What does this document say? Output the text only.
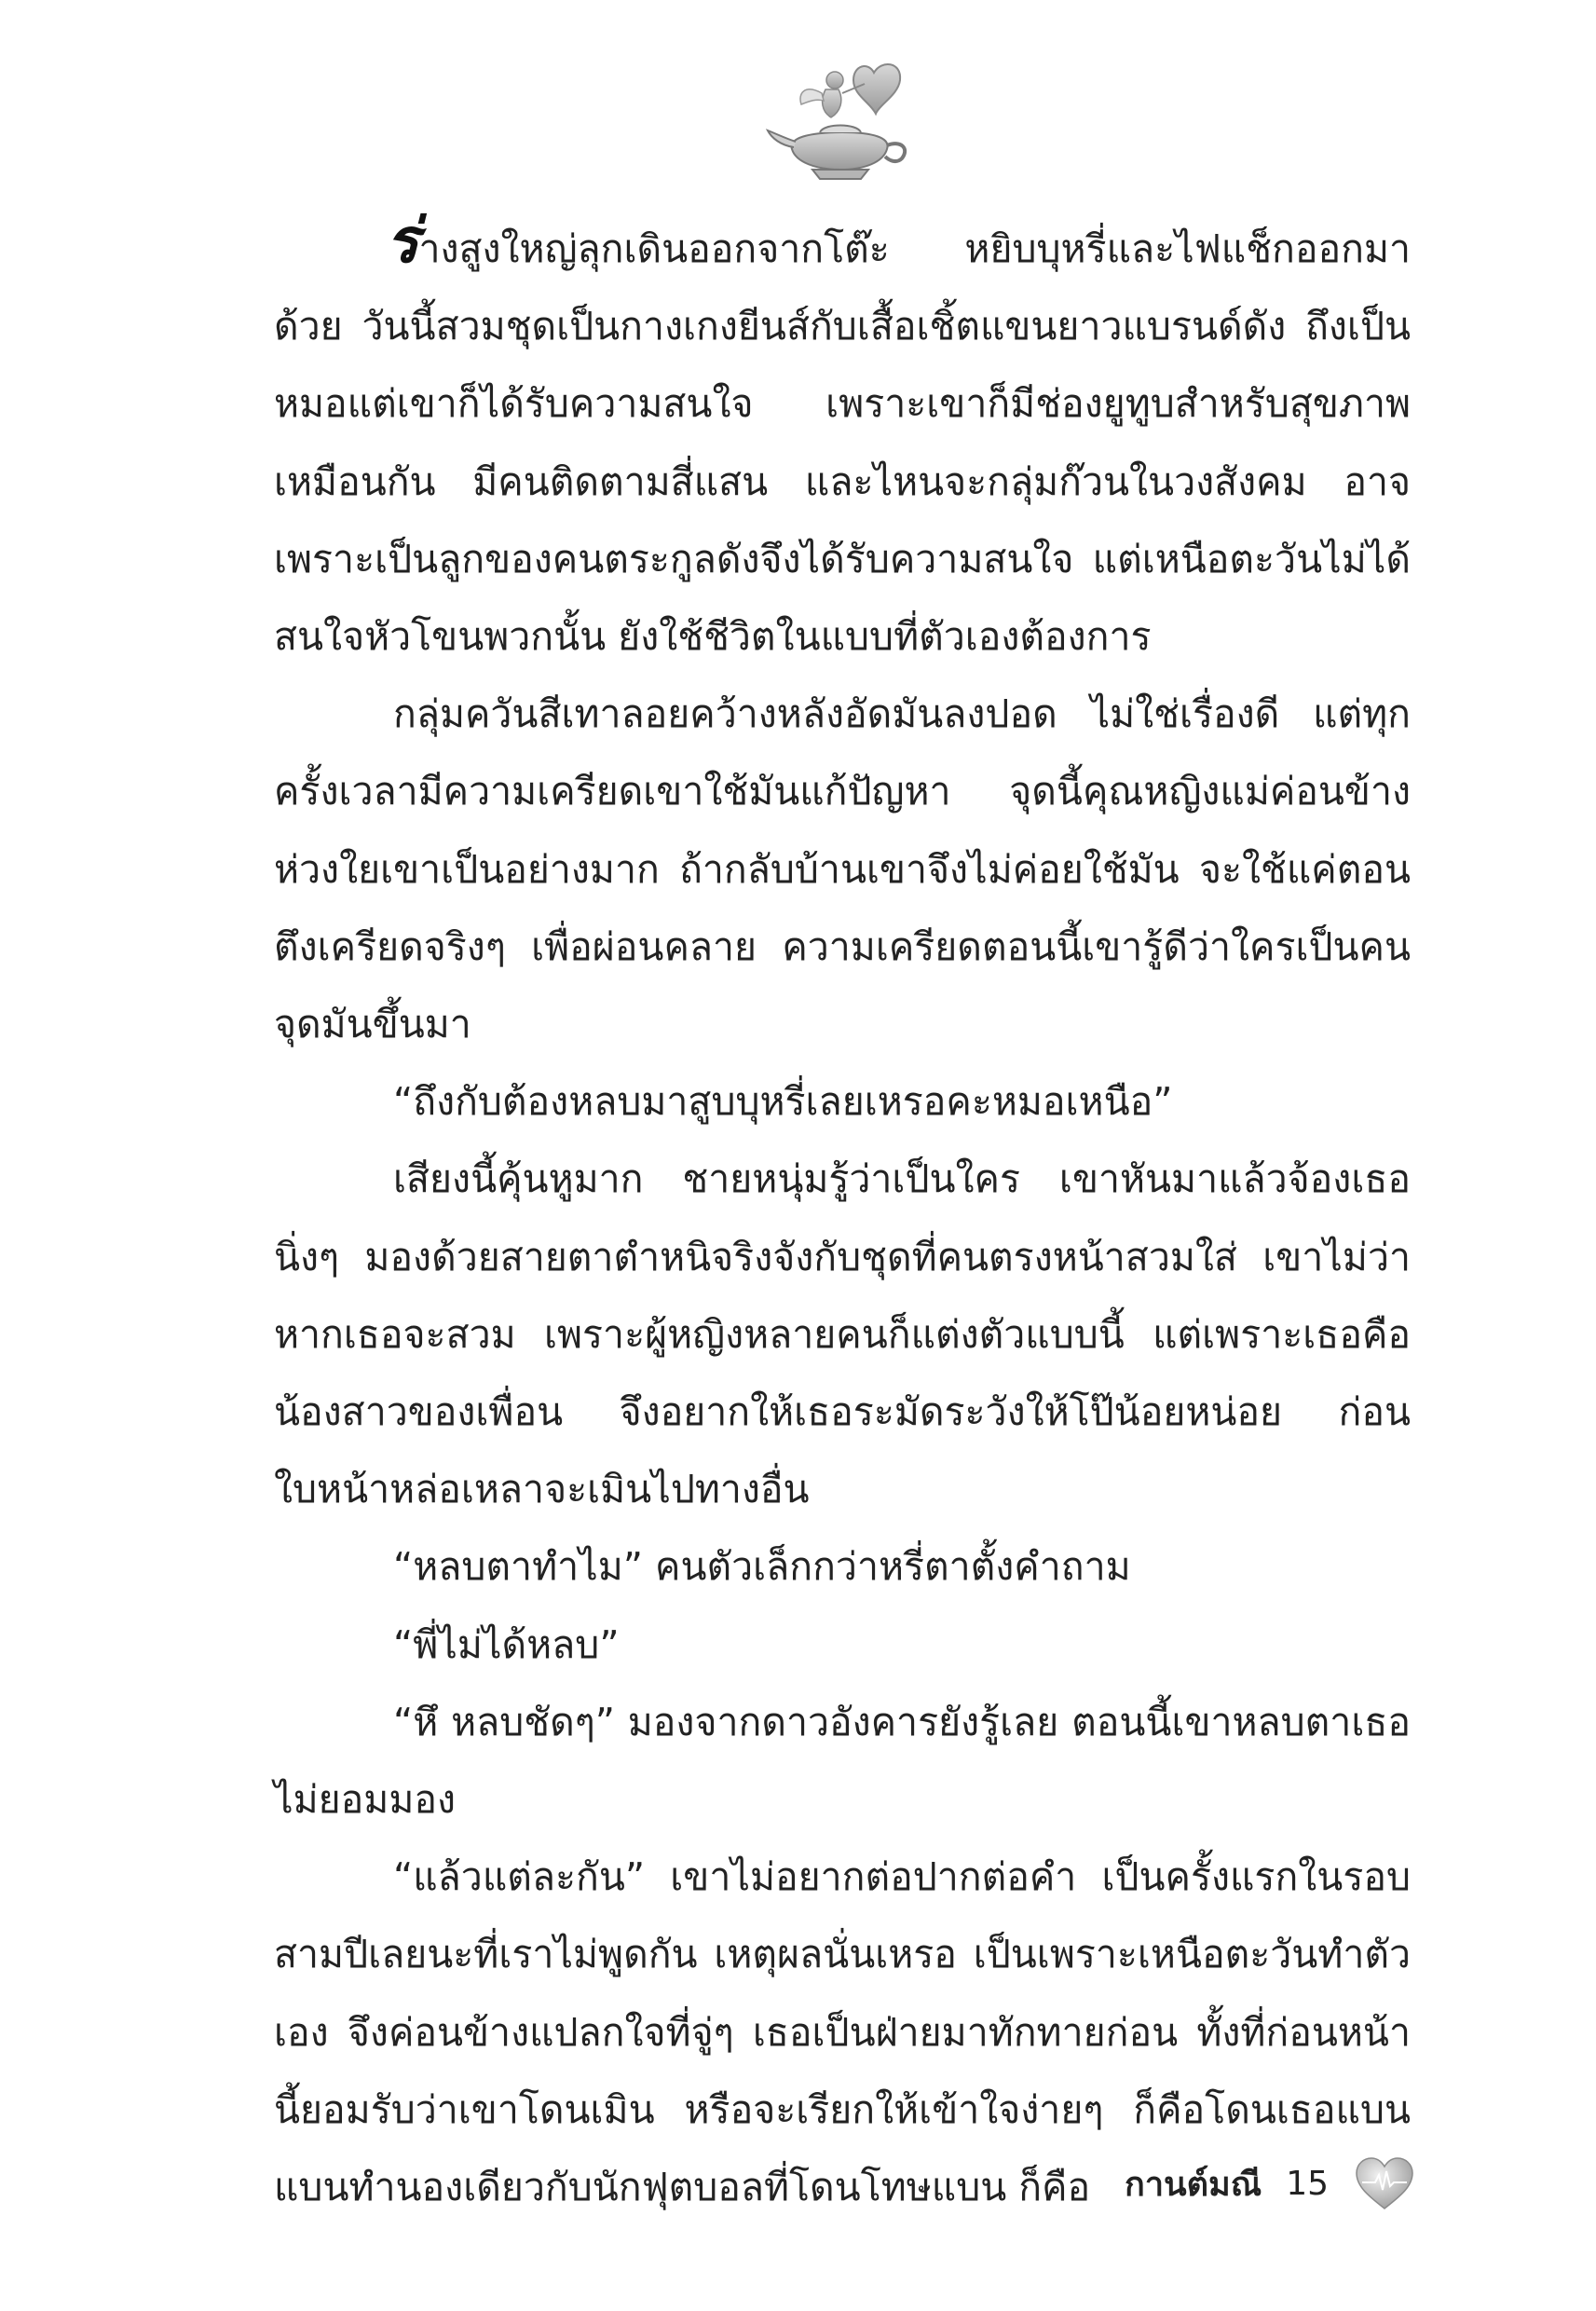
ร่างสูงใหญ่ลุกเดินออกจากโต๊ะ หยิบบุหรี่และไฟแช็กออกมาด้วย วันนี้สวมชุดเป็นกางเกงยีนส์กับเสื้อเชิ้ตแขนยาวแบรนด์ดัง ถึงเป็นหมอแต่เขาก็ได้รับความสนใจ เพราะเขาก็มีช่องยูทูบสำหรับสุขภาพเหมือนกัน มีคนติดตามสี่แสน และไหนจะกลุ่มก๊วนในวงสังคม อาจเพราะเป็นลูกของคนตระกูลดังจึงได้รับความสนใจ แต่เหนือตะวันไม่ได้สนใจหัวโขนพวกนั้น ยังใช้ชีวิตในแบบที่ตัวเองต้องการ

กลุ่มควันสีเทาลอยคว้างหลังอัดมันลงปอด ไม่ใช่เรื่องดี แต่ทุกครั้งเวลามีความเครียดเขาใช้มันแก้ปัญหา จุดนี้คุณหญิงแม่ค่อนข้างห่วงใยเขาเป็นอย่างมาก ถ้ากลับบ้านเขาจึงไม่ค่อยใช้มัน จะใช้แค่ตอนตึงเครียดจริงๆ เพื่อผ่อนคลาย ความเครียดตอนนี้เขารู้ดีว่าใครเป็นคนจุดมันขึ้นมา

“ถึงกับต้องหลบมาสูบบุหรี่เลยเหรอคะหมอเหนือ”

เสียงนี้คุ้นหูมาก ชายหนุ่มรู้ว่าเป็นใคร เขาหันมาแล้วจ้องเธอนิ่งๆ มองด้วยสายตาตำหนิจริงจังกับชุดที่คนตรงหน้าสวมใส่ เขาไม่ว่าหากเธอจะสวม เพราะผู้หญิงหลายคนก็แต่งตัวแบบนี้ แต่เพราะเธอคือน้องสาวของเพื่อน จึงอยากให้เธอระมัดระวังให้โป๊น้อยหน่อย ก่อนใบหน้าหล่อเหลาจะเมินไปทางอื่น

“หลบตาทำไม” คนตัวเล็กกว่าหรี่ตาตั้งคำถาม

“พี่ไม่ได้หลบ”

“หึ หลบชัดๆ” มองจากดาวอังคารยังรู้เลย ตอนนี้เขาหลบตาเธอไม่ยอมมอง

“แล้วแต่ละกัน” เขาไม่อยากต่อปากต่อคำ เป็นครั้งแรกในรอบสามปีเลยนะที่เราไม่พูดกัน เหตุผลนั่นเหรอ เป็นเพราะเหนือตะวันทำตัวเอง จึงค่อนข้างแปลกใจที่จู่ๆ เธอเป็นฝ่ายมาทักทายก่อน ทั้งที่ก่อนหน้านี้ยอมรับว่าเขาโดนเมิน หรือจะเรียกให้เข้าใจง่ายๆ ก็คือโดนเธอแบน แบนทำนองเดียวกับนักฟุตบอลที่โดนโทษแบน ก็คือ	กานต์มณี 15
